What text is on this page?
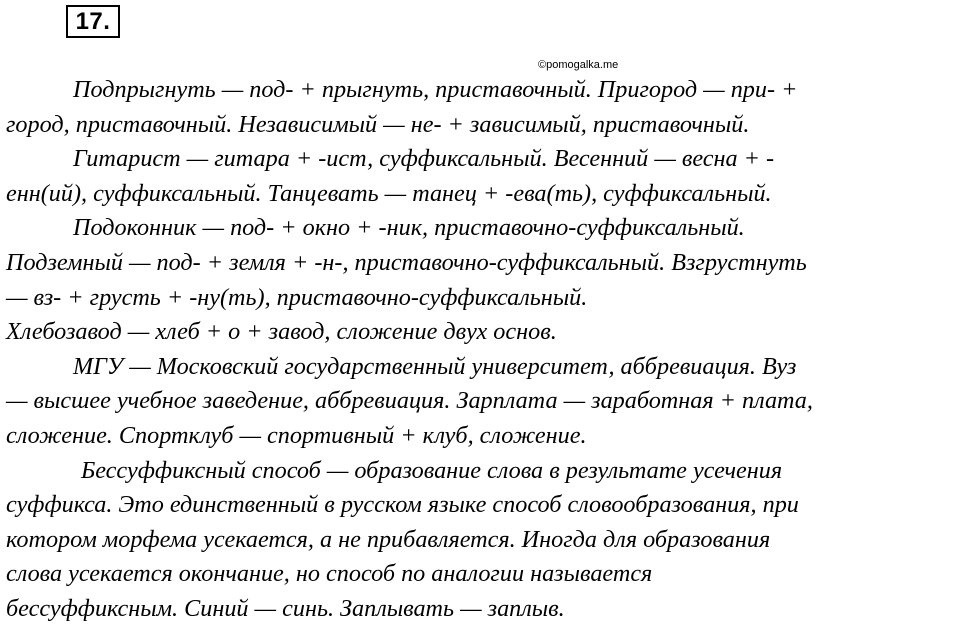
17.
©pomogalka.me
Подпрыгнуть — под- + прыгнуть, приставочный. Пригород — при- +
город, приставочный. Независимый — не- + зависимый, приставочный.
Гитарист — гитара + -ист, суффиксальный. Весенний — весна + -
енн(ий), суффиксальный. Танцевать — танец + -ева(ть), суффиксальный.
Подоконник — под- + окно + -ник, приставочно-суффиксальный.
Подземный — под- + земля + -н-, приставочно-суффиксальный. Взгрустнуть
— вз- + грусть + -ну(ть), приставочно-суффиксальный.
Хлебозавод — хлеб + о + завод, сложение двух основ.
МГУ — Московский государственный университет, аббревиация. Вуз
— высшее учебное заведение, аббревиация. Зарплата — заработная + плата,
сложение. Спортклуб — спортивный + клуб, сложение.
Бессуффиксный способ — образование слова в результате усечения
суффикса. Это единственный в русском языке способ словообразования, при
котором морфема усекается, а не прибавляется. Иногда для образования
слова усекается окончание, но способ по аналогии называется
бессуффиксным. Синий — синь. Заплывать — заплыв.
